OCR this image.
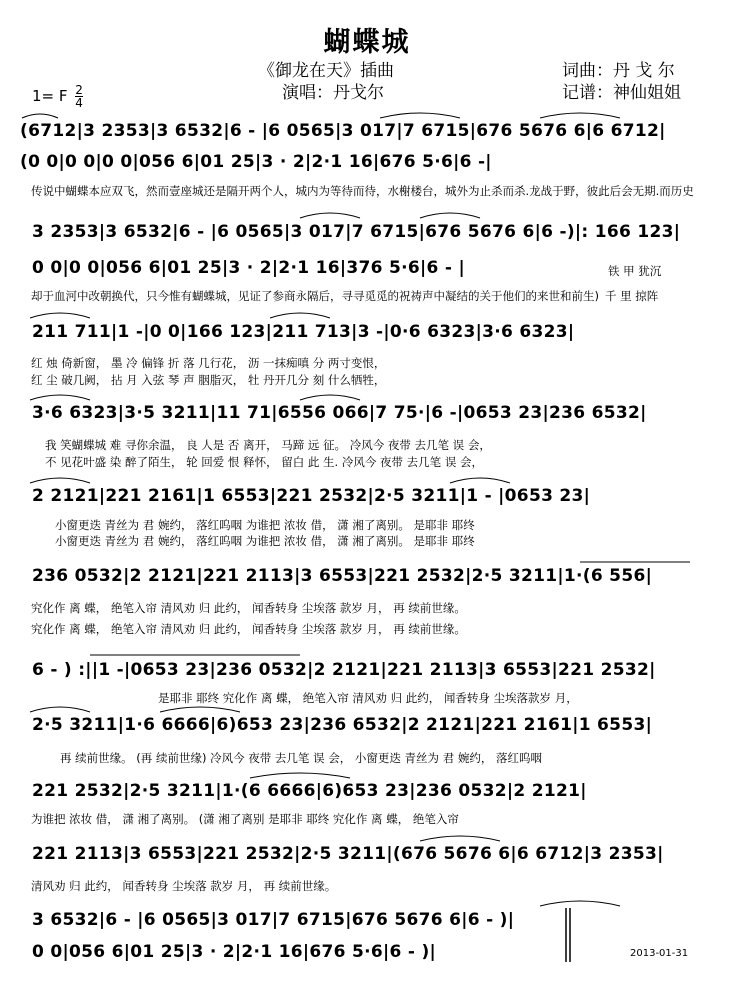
蝴蝶城
《御龙在天》插曲	词曲：丹 戈 尔
演唱：丹戈尔	记谱：神仙姐姐
1= F $\frac{2}{4}$
(6712|3 2353|3 6532|6 - |6 0565|3 017|7 6715|676 5676 6|6 6712|
(0 0|0 0|0 0|056 6|01 25|3 · 2|2·1 16|676 5·6|6 -|
传说中蝴蝶本应双飞，然而壹座城还是隔开两个人，城内为等待而待，水榭楼台，城外为止杀而杀.龙战于野，彼此后会无期.而历史
3 2353|3 6532|6 - |6 0565|3 017|7 6715|676 5676 6|6 -)|: 166 123|
0 0|0 0|056 6|01 25|3 · 2|2·1 16|376 5·6|6 - |	铁 甲 犹沉
却于血河中改朝换代，只今惟有蝴蝶城，见证了参商永隔后，寻寻觅觅的祝祷声中凝结的关于他们的来世和前生) 千 里 掠阵
211 711|1 -|0 0|166 123|211 713|3 -|0·6 6323|3·6 6323|
红 烛 倚新窗， 墨 冷 偏锋 折 落 几行花， 沥 一抹痴嗔 分 两寸变恨，
红 尘 破几阙， 拈 月 入弦 琴 声 胭脂灭， 牡 丹开几分 刻 什么牺牲，
3·6 6323|3·5 3211|11 71|6556 066|7 75·|6 -|0653 23|236 6532|
我 笑蝴蝶城 难 寻你余温， 良 人是 否 离开， 马蹄 远 征。 冷风今 夜带 去几笔 误 会，
不 见花叶盛 染 醉了陌生， 轮 回爱 恨 释怀， 留白 此 生. 冷风今 夜带 去几笔 误 会，
2 2121|221 2161|1 6553|221 2532|2·5 3211|1 - |0653 23|
小窗更迭 青丝为 君 婉约， 落红呜咽 为谁把 浓妆 借， 潇 湘了离别。 是耶非 耶终
小窗更迭 青丝为 君 婉约， 落红呜咽 为谁把 浓妆 借， 潇 湘了离别。 是耶非 耶终
236 0532|2 2121|221 2113|3 6553|221 2532|2·5 3211|1·(6 556|
究化作 离 蝶， 绝笔入帘 清风劝 归 此约， 闻香转身 尘埃落 款岁 月， 再 续前世缘。
究化作 离 蝶， 绝笔入帘 清风劝 归 此约， 闻香转身 尘埃落 款岁 月， 再 续前世缘。
6 - ) :||1 -|0653 23|236 0532|2 2121|221 2113|3 6553|221 2532|
是耶非 耶终 究化作 离 蝶， 绝笔入帘 清风劝 归 此约， 闻香转身 尘埃落款岁 月，
2·5 3211|1·6 6666|6)653 23|236 6532|2 2121|221 2161|1 6553|
再 续前世缘。 (再 续前世缘) 冷风今 夜带 去几笔 误 会， 小窗更迭 青丝为 君 婉约， 落红呜咽
221 2532|2·5 3211|1·(6 6666|6)653 23|236 0532|2 2121|
为谁把 浓妆 借， 潇 湘了离别。 (潇 湘了离别 是耶非 耶终 究化作 离 蝶， 绝笔入帘
221 2113|3 6553|221 2532|2·5 3211|(676 5676 6|6 6712|3 2353|
清风劝 归 此约， 闻香转身 尘埃落 款岁 月， 再 续前世缘。
3 6532|6 - |6 0565|3 017|7 6715|676 5676 6|6 - )|
0 0|056 6|01 25|3 · 2|2·1 16|676 5·6|6 - )|	2013-01-31
